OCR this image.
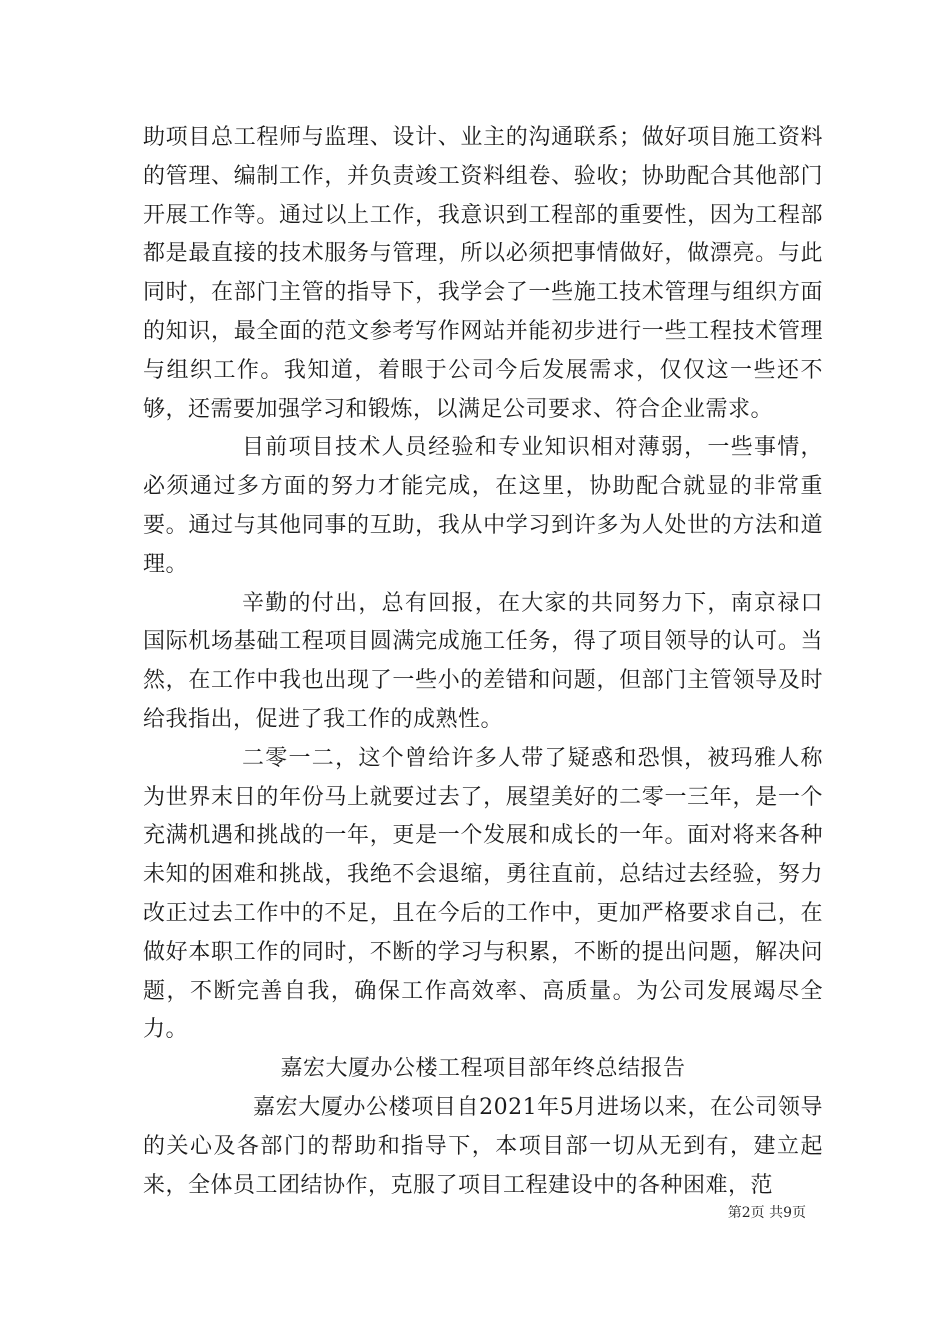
助项目总工程师与监理、设计、业主的沟通联系；做好项目施工资料的管理、编制工作，并负责竣工资料组卷、验收；协助配合其他部门开展工作等。通过以上工作，我意识到工程部的重要性，因为工程部都是最直接的技术服务与管理，所以必须把事情做好，做漂亮。与此同时，在部门主管的指导下，我学会了一些施工技术管理与组织方面的知识，最全面的范文参考写作网站并能初步进行一些工程技术管理与组织工作。我知道，着眼于公司今后发展需求，仅仅这一些还不够，还需要加强学习和锻炼，以满足公司要求、符合企业需求。

目前项目技术人员经验和专业知识相对薄弱，一些事情，必须通过多方面的努力才能完成，在这里，协助配合就显的非常重要。通过与其他同事的互助，我从中学习到许多为人处世的方法和道理。

辛勤的付出，总有回报，在大家的共同努力下，南京禄口国际机场基础工程项目圆满完成施工任务，得了项目领导的认可。当然，在工作中我也出现了一些小的差错和问题，但部门主管领导及时给我指出，促进了我工作的成熟性。

二零一二，这个曾给许多人带了疑惑和恐惧，被玛雅人称为世界末日的年份马上就要过去了，展望美好的二零一三年，是一个充满机遇和挑战的一年，更是一个发展和成长的一年。面对将来各种未知的困难和挑战，我绝不会退缩，勇往直前，总结过去经验，努力改正过去工作中的不足，且在今后的工作中，更加严格要求自己，在做好本职工作的同时，不断的学习与积累，不断的提出问题，解决问题，不断完善自我，确保工作高效率、高质量。为公司发展竭尽全力。

嘉宏大厦办公楼工程项目部年终总结报告

嘉宏大厦办公楼项目自2021年5月进场以来，在公司领导的关心及各部门的帮助和指导下，本项目部一切从无到有，建立起来，全体员工团结协作，克服了项目工程建设中的各种困难，范

第2页 共9页
